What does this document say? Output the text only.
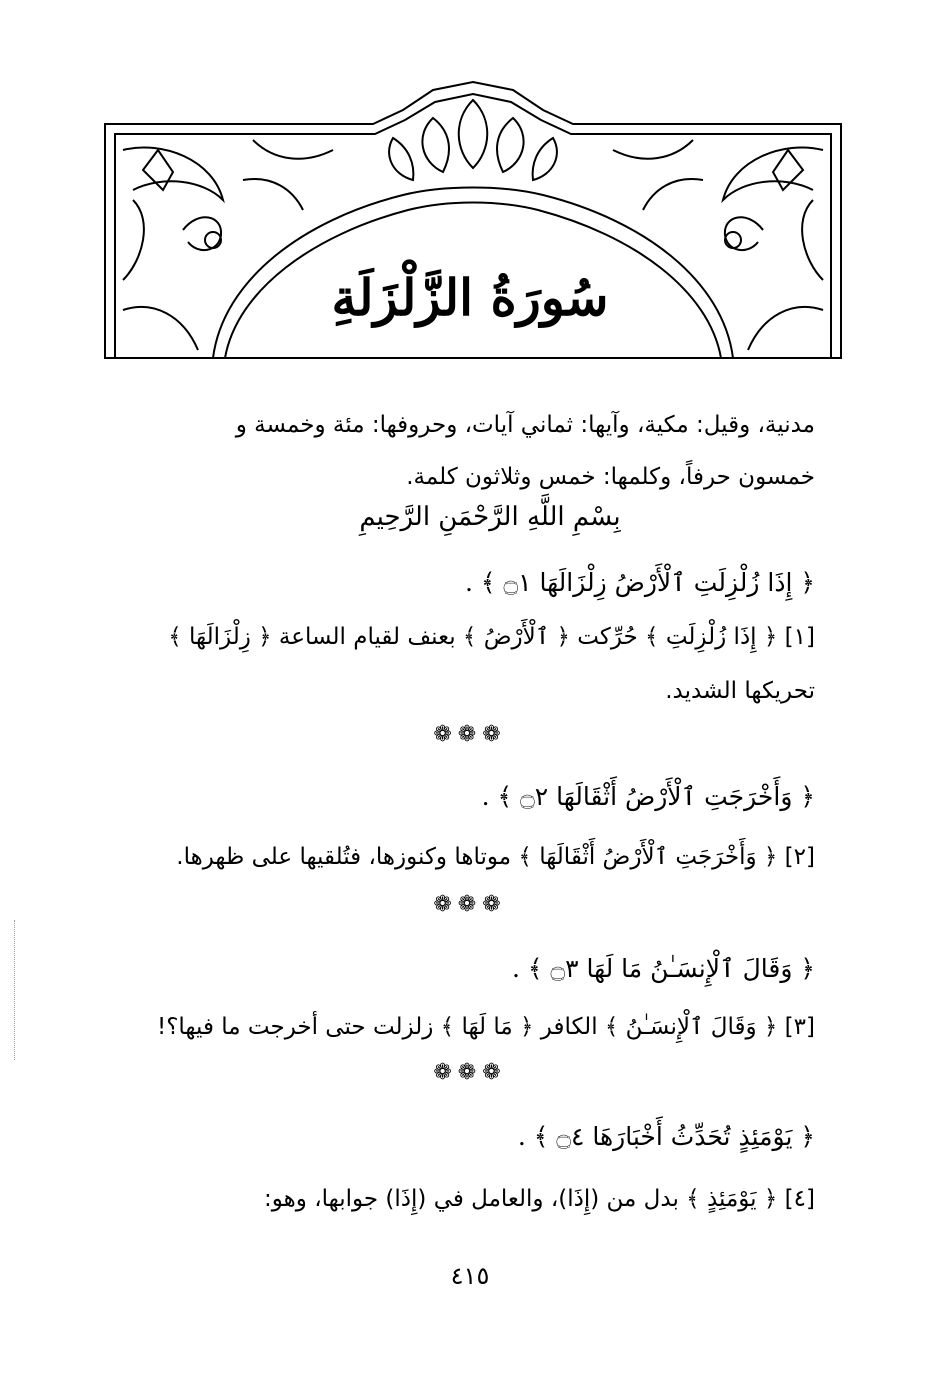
سُورَةُ الزَّلْزَلَةِ
مدنية، وقيل: مكية، وآيها: ثماني آيات، وحروفها: مئة وخمسة و
خمسون حرفاً، وكلمها: خمس وثلاثون كلمة.
بِسْمِ اللَّهِ الرَّحْمَنِ الرَّحِيمِ
﴿ إِذَا زُلْزِلَتِ ٱلْأَرْضُ زِلْزَالَهَا ۝١ ﴾ .
[١] ﴿ إِذَا زُلْزِلَتِ ﴾ حُرِّكت ﴿ ٱلْأَرْضُ ﴾ بعنف لقيام الساعة ﴿ زِلْزَالَهَا ﴾
تحريكها الشديد.
❁❁❁
﴿ وَأَخْرَجَتِ ٱلْأَرْضُ أَثْقَالَهَا ۝٢ ﴾ .
[٢] ﴿ وَأَخْرَجَتِ ٱلْأَرْضُ أَثْقَالَهَا ﴾ موتاها وكنوزها، فتُلقيها على ظهرها.
❁❁❁
﴿ وَقَالَ ٱلْإِنسَـٰنُ مَا لَهَا ۝٣ ﴾ .
[٣] ﴿ وَقَالَ ٱلْإِنسَـٰنُ ﴾ الكافر ﴿ مَا لَهَا ﴾ زلزلت حتى أخرجت ما فيها؟!
❁❁❁
﴿ يَوْمَئِذٍ تُحَدِّثُ أَخْبَارَهَا ۝٤ ﴾ .
[٤] ﴿ يَوْمَئِذٍ ﴾ بدل من (إِذَا)، والعامل في (إِذَا) جوابها، وهو:
٤١٥
